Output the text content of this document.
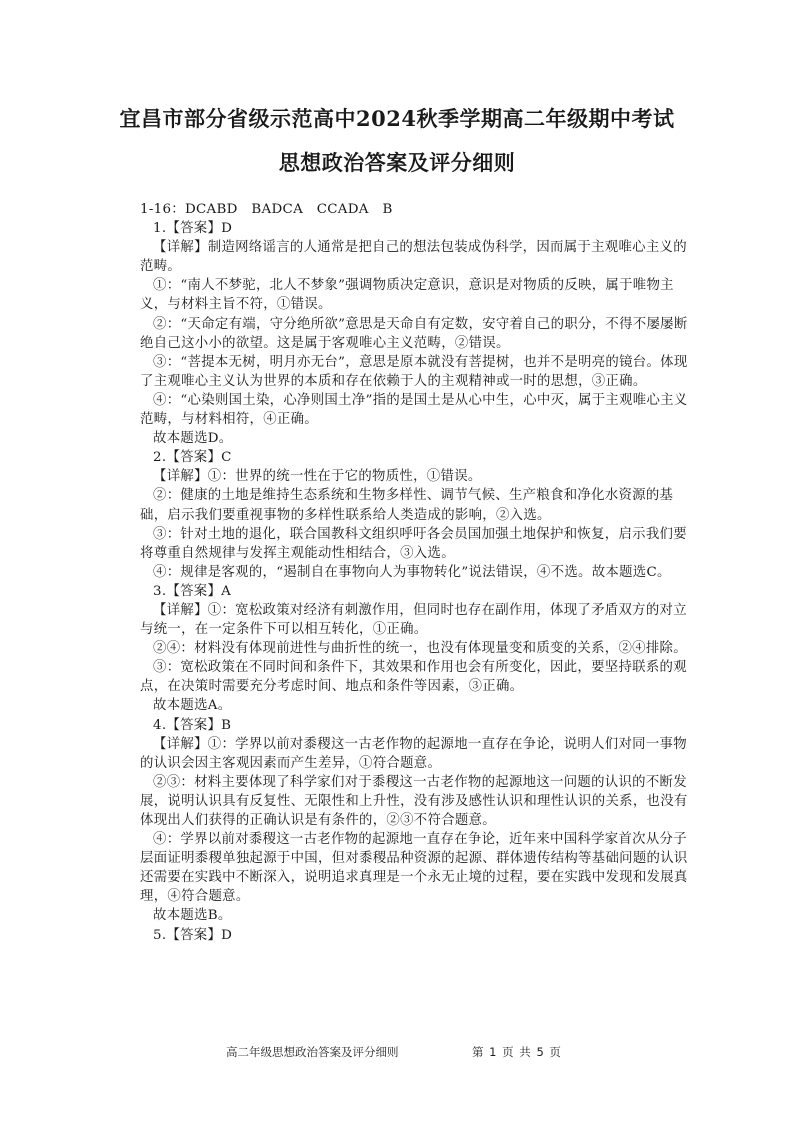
宜昌市部分省级示范高中2024秋季学期高二年级期中考试
思想政治答案及评分细则

1-16：DCABD   BADCA   CCADA   B

1.【答案】D

【详解】制造网络谣言的人通常是把自己的想法包装成伪科学，因而属于主观唯心主义的范畴。

①：“南人不梦驼，北人不梦象”强调物质决定意识，意识是对物质的反映，属于唯物主义，与材料主旨不符，①错误。

②：“天命定有端，守分绝所欲”意思是天命自有定数，安守着自己的职分，不得不屡屡断绝自己这小小的欲望。这是属于客观唯心主义范畴，②错误。

③：“菩提本无树，明月亦无台”，意思是原本就没有菩提树，也并不是明亮的镜台。体现了主观唯心主义认为世界的本质和存在依赖于人的主观精神或一时的思想，③正确。

④：“心染则国土染，心净则国土净”指的是国土是从心中生，心中灭，属于主观唯心主义范畴，与材料相符，④正确。

故本题选D。

2.【答案】C

【详解】①：世界的统一性在于它的物质性，①错误。

②：健康的土地是维持生态系统和生物多样性、调节气候、生产粮食和净化水资源的基础，启示我们要重视事物的多样性联系给人类造成的影响，②入选。

③：针对土地的退化，联合国教科文组织呼吁各会员国加强土地保护和恢复，启示我们要将尊重自然规律与发挥主观能动性相结合，③入选。

④：规律是客观的，“遏制自在事物向人为事物转化”说法错误，④不选。故本题选C。

3.【答案】A

【详解】①：宽松政策对经济有刺激作用，但同时也存在副作用，体现了矛盾双方的对立与统一，在一定条件下可以相互转化，①正确。

②④：材料没有体现前进性与曲折性的统一，也没有体现量变和质变的关系，②④排除。

③：宽松政策在不同时间和条件下，其效果和作用也会有所变化，因此，要坚持联系的观点，在决策时需要充分考虑时间、地点和条件等因素，③正确。

故本题选A。

4.【答案】B

【详解】①：学界以前对黍稷这一古老作物的起源地一直存在争论，说明人们对同一事物的认识会因主客观因素而产生差异，①符合题意。

②③：材料主要体现了科学家们对于黍稷这一古老作物的起源地这一问题的认识的不断发展，说明认识具有反复性、无限性和上升性，没有涉及感性认识和理性认识的关系，也没有体现出人们获得的正确认识是有条件的，②③不符合题意。

④：学界以前对黍稷这一古老作物的起源地一直存在争论，近年来中国科学家首次从分子层面证明黍稷单独起源于中国，但对黍稷品种资源的起源、群体遗传结构等基础问题的认识还需要在实践中不断深入，说明追求真理是一个永无止境的过程，要在实践中发现和发展真理，④符合题意。

故本题选B。

5.【答案】D

高二年级思想政治答案及评分细则	第 1 页 共 5 页
